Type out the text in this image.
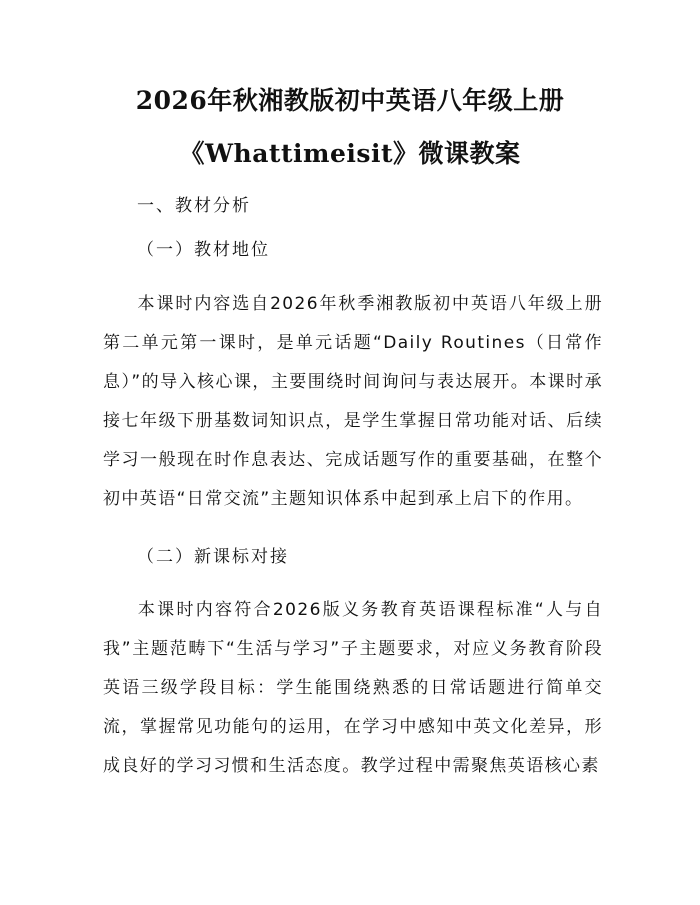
2026年秋湘教版初中英语八年级上册
《Whattimeisit》微课教案
一、教材分析
（一）教材地位
本课时内容选自2026年秋季湘教版初中英语八年级上册第二单元第一课时，是单元话题“Daily Routines（日常作息）”的导入核心课，主要围绕时间询问与表达展开。本课时承接七年级下册基数词知识点，是学生掌握日常功能对话、后续学习一般现在时作息表达、完成话题写作的重要基础，在整个初中英语“日常交流”主题知识体系中起到承上启下的作用。
（二）新课标对接
本课时内容符合2026版义务教育英语课程标准“人与自我”主题范畴下“生活与学习”子主题要求，对应义务教育阶段英语三级学段目标：学生能围绕熟悉的日常话题进行简单交流，掌握常见功能句的运用，在学习中感知中英文化差异，形成良好的学习习惯和生活态度。教学过程中需聚焦英语核心素
